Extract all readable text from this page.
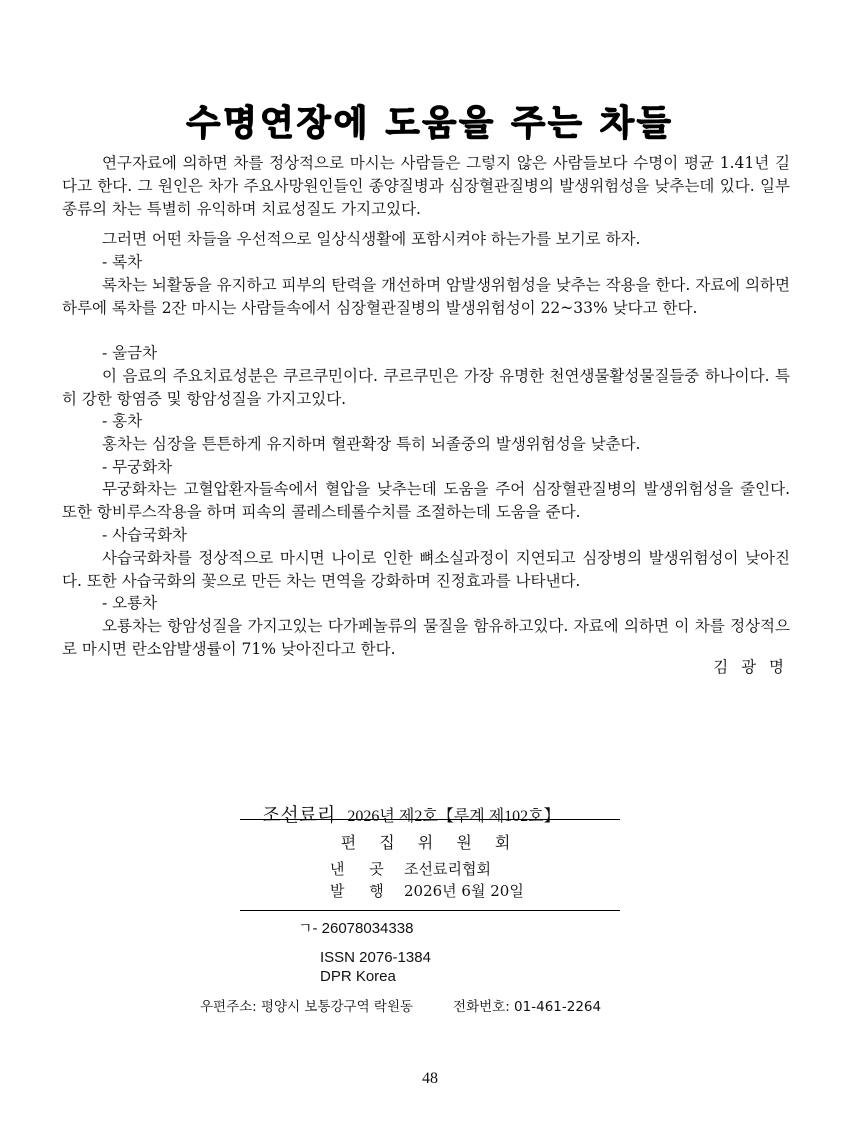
수명연장에 도움을 주는 차들

연구자료에 의하면 차를 정상적으로 마시는 사람들은 그렇지 않은 사람들보다 수명이 평균 1.41년 길다고 한다. 그 원인은 차가 주요사망원인들인 종양질병과 심장혈관질병의 발생위험성을 낮추는데 있다. 일부 종류의 차는 특별히 유익하며 치료성질도 가지고있다.

그러면 어떤 차들을 우선적으로 일상식생활에 포함시켜야 하는가를 보기로 하자.

- 록차

록차는 뇌활동을 유지하고 피부의 탄력을 개선하며 암발생위험성을 낮추는 작용을 한다. 자료에 의하면 하루에 록차를 2잔 마시는 사람들속에서 심장혈관질병의 발생위험성이 22~33% 낮다고 한다.

- 울금차

이 음료의 주요치료성분은 쿠르쿠민이다. 쿠르쿠민은 가장 유명한 천연생물활성물질들중 하나이다. 특히 강한 항염증 및 항암성질을 가지고있다.

- 홍차

홍차는 심장을 튼튼하게 유지하며 혈관확장 특히 뇌졸중의 발생위험성을 낮춘다.

- 무궁화차

무궁화차는 고혈압환자들속에서 혈압을 낮추는데 도움을 주어 심장혈관질병의 발생위험성을 줄인다. 또한 항비루스작용을 하며 피속의 콜레스테롤수치를 조절하는데 도움을 준다.

- 사습국화차

사습국화차를 정상적으로 마시면 나이로 인한 뼈소실과정이 지연되고 심장병의 발생위험성이 낮아진다. 또한 사습국화의 꽃으로 만든 차는 면역을 강화하며 진정효과를 나타낸다.

- 오룡차

오룡차는 항암성질을 가지고있는 다가페놀류의 물질을 함유하고있다. 자료에 의하면 이 차를 정상적으로 마시면 란소암발생률이 71% 낮아진다고 한다.

김 광 명
조선료리 2026년 제2호【루계 제102호】
편 집 위 원 회
낸 곳 조선료리협회
발 행 2026년 6월 20일
ㄱ- 26078034338
ISSN 2076-1384
DPR Korea
우편주소: 평양시 보통강구역 락원동	전화번호: 01-461-2264
48
